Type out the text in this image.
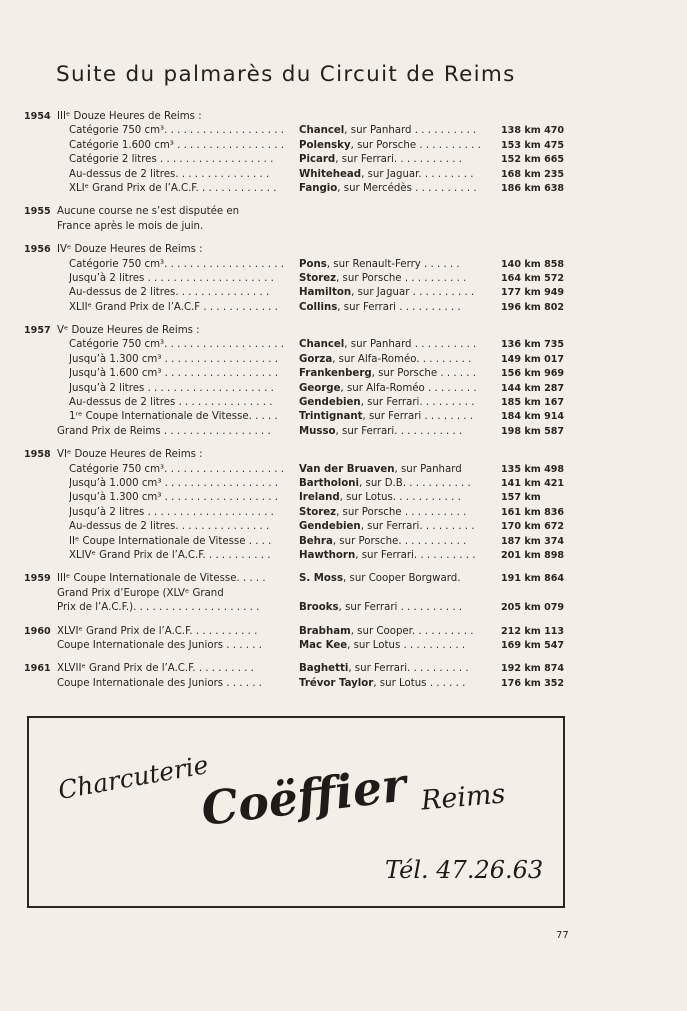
Suite du palmarès du Circuit de Reims
1954 IIIᵉ Douze Heures de Reims :
Catégorie 750 cm³. . . . . . . . . . . . . . . . . . .	Chancel, sur Panhard . . . . . . . . . .	138 km 470
Catégorie 1.600 cm³ . . . . . . . . . . . . . . . . .	Polensky, sur Porsche . . . . . . . . . .	153 km 475
Catégorie 2 litres . . . . . . . . . . . . . . . . . .	Picard, sur Ferrari. . . . . . . . . . .	152 km 665
Au-dessus de 2 litres. . . . . . . . . . . . . . .	Whitehead, sur Jaguar. . . . . . . . .	168 km 235
XLIᵉ Grand Prix de l’A.C.F. . . . . . . . . . . . .	Fangio, sur Mercédès . . . . . . . . . .	186 km 638
1955 Aucune course ne s’est disputée en
France après le mois de juin.
1956 IVᵉ Douze Heures de Reims :
Catégorie 750 cm³. . . . . . . . . . . . . . . . . . .	Pons, sur Renault-Ferry . . . . . .	140 km 858
Jusqu’à 2 litres . . . . . . . . . . . . . . . . . . . .	Storez, sur Porsche . . . . . . . . . .	164 km 572
Au-dessus de 2 litres. . . . . . . . . . . . . . .	Hamilton, sur Jaguar . . . . . . . . . .	177 km 949
XLIIᵉ Grand Prix de l’A.C.F . . . . . . . . . . . .	Collins, sur Ferrari . . . . . . . . . .	196 km 802
1957 Vᵉ Douze Heures de Reims :
Catégorie 750 cm³. . . . . . . . . . . . . . . . . . .	Chancel, sur Panhard . . . . . . . . . .	136 km 735
Jusqu’à 1.300 cm³ . . . . . . . . . . . . . . . . . .	Gorza, sur Alfa-Roméo. . . . . . . . .	149 km 017
Jusqu’à 1.600 cm³ . . . . . . . . . . . . . . . . . .	Frankenberg, sur Porsche . . . . . .	156 km 969
Jusqu’à 2 litres . . . . . . . . . . . . . . . . . . . .	George, sur Alfa-Roméo . . . . . . . .	144 km 287
Au-dessus de 2 litres . . . . . . . . . . . . . . .	Gendebien, sur Ferrari. . . . . . . . .	185 km 167
1ʳᵉ Coupe Internationale de Vitesse. . . . .	Trintignant, sur Ferrari . . . . . . . .	184 km 914
Grand Prix de Reims . . . . . . . . . . . . . . . . .	Musso, sur Ferrari. . . . . . . . . . .	198 km 587
1958 VIᵉ Douze Heures de Reims :
Catégorie 750 cm³. . . . . . . . . . . . . . . . . . .	Van der Bruaven, sur Panhard	135 km 498
Jusqu’à 1.000 cm³ . . . . . . . . . . . . . . . . . .	Bartholoni, sur D.B. . . . . . . . . . .	141 km 421
Jusqu’à 1.300 cm³ . . . . . . . . . . . . . . . . . .	Ireland, sur Lotus. . . . . . . . . . .	157 km
Jusqu’à 2 litres . . . . . . . . . . . . . . . . . . . .	Storez, sur Porsche . . . . . . . . . .	161 km 836
Au-dessus de 2 litres. . . . . . . . . . . . . . .	Gendebien, sur Ferrari. . . . . . . . .	170 km 672
IIᵉ Coupe Internationale de Vitesse . . . .	Behra, sur Porsche. . . . . . . . . . .	187 km 374
XLIVᵉ Grand Prix de l’A.C.F. . . . . . . . . . .	Hawthorn, sur Ferrari. . . . . . . . . .	201 km 898
1959 IIIᵉ Coupe Internationale de Vitesse. . . . .	S. Moss, sur Cooper Borgward.	191 km 864
Grand Prix d’Europe (XLVᵉ Grand
Prix de l’A.C.F.). . . . . . . . . . . . . . . . . . . .	Brooks, sur Ferrari . . . . . . . . . .	205 km 079
1960 XLVIᵉ Grand Prix de l’A.C.F. . . . . . . . . . .	Brabham, sur Cooper. . . . . . . . . .	212 km 113
Coupe Internationale des Juniors . . . . . .	Mac Kee, sur Lotus . . . . . . . . . .	169 km 547
1961 XLVIIᵉ Grand Prix de l’A.C.F. . . . . . . . . .	Baghetti, sur Ferrari. . . . . . . . . .	192 km 874
Coupe Internationale des Juniors . . . . . .	Trévor Taylor, sur Lotus . . . . . .	176 km 352
Charcuterie
Coëffier Reims
Tél. 47.26.63
77
